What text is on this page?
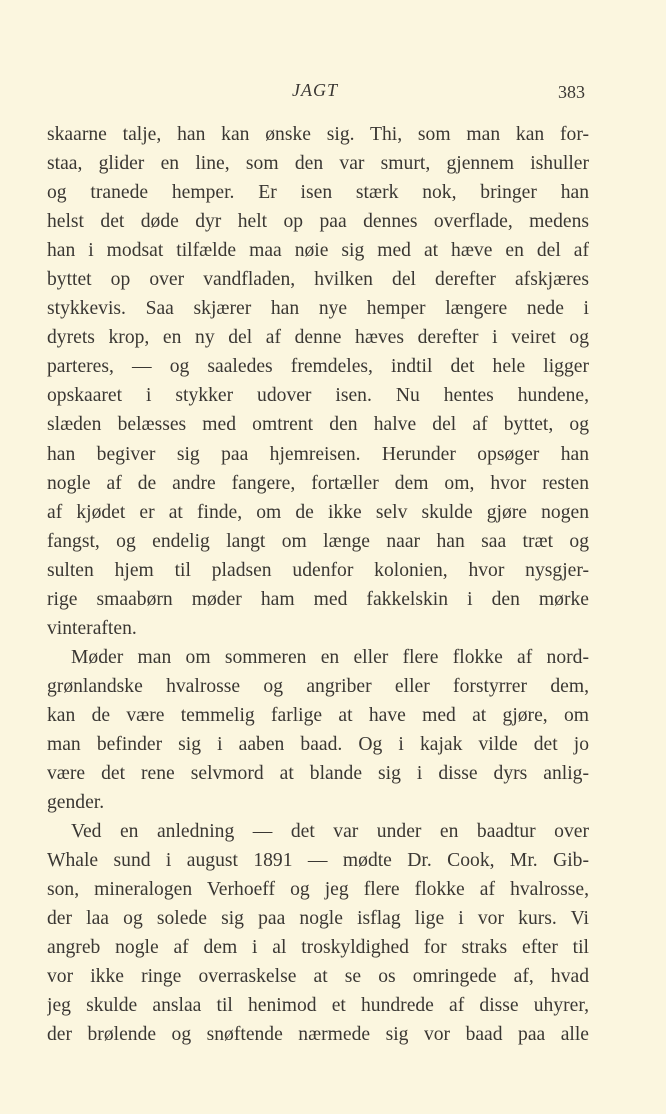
JAGT	383
skaarne talje, han kan ønske sig. Thi, som man kan for-
staa, glider en line, som den var smurt, gjennem ishuller
og tranede hemper. Er isen stærk nok, bringer han
helst det døde dyr helt op paa dennes overflade, medens
han i modsat tilfælde maa nøie sig med at hæve en del af
byttet op over vandfladen, hvilken del derefter afskjæres
stykkevis. Saa skjærer han nye hemper længere nede i
dyrets krop, en ny del af denne hæves derefter i veiret og
parteres, — og saaledes fremdeles, indtil det hele ligger
opskaaret i stykker udover isen. Nu hentes hundene,
slæden belæsses med omtrent den halve del af byttet, og
han begiver sig paa hjemreisen. Herunder opsøger han
nogle af de andre fangere, fortæller dem om, hvor resten
af kjødet er at finde, om de ikke selv skulde gjøre nogen
fangst, og endelig langt om længe naar han saa træt og
sulten hjem til pladsen udenfor kolonien, hvor nysgjer-
rige smaabørn møder ham med fakkelskin i den mørke
vinteraften.
Møder man om sommeren en eller flere flokke af nord-
grønlandske hvalrosse og angriber eller forstyrrer dem,
kan de være temmelig farlige at have med at gjøre, om
man befinder sig i aaben baad. Og i kajak vilde det jo
være det rene selvmord at blande sig i disse dyrs anlig-
gender.
Ved en anledning — det var under en baadtur over
Whale sund i august 1891 — mødte Dr. Cook, Mr. Gib-
son, mineralogen Verhoeff og jeg flere flokke af hvalrosse,
der laa og solede sig paa nogle isflag lige i vor kurs. Vi
angreb nogle af dem i al troskyldighed for straks efter til
vor ikke ringe overraskelse at se os omringede af, hvad
jeg skulde anslaa til henimod et hundrede af disse uhyrer,
der brølende og snøftende nærmede sig vor baad paa alle
